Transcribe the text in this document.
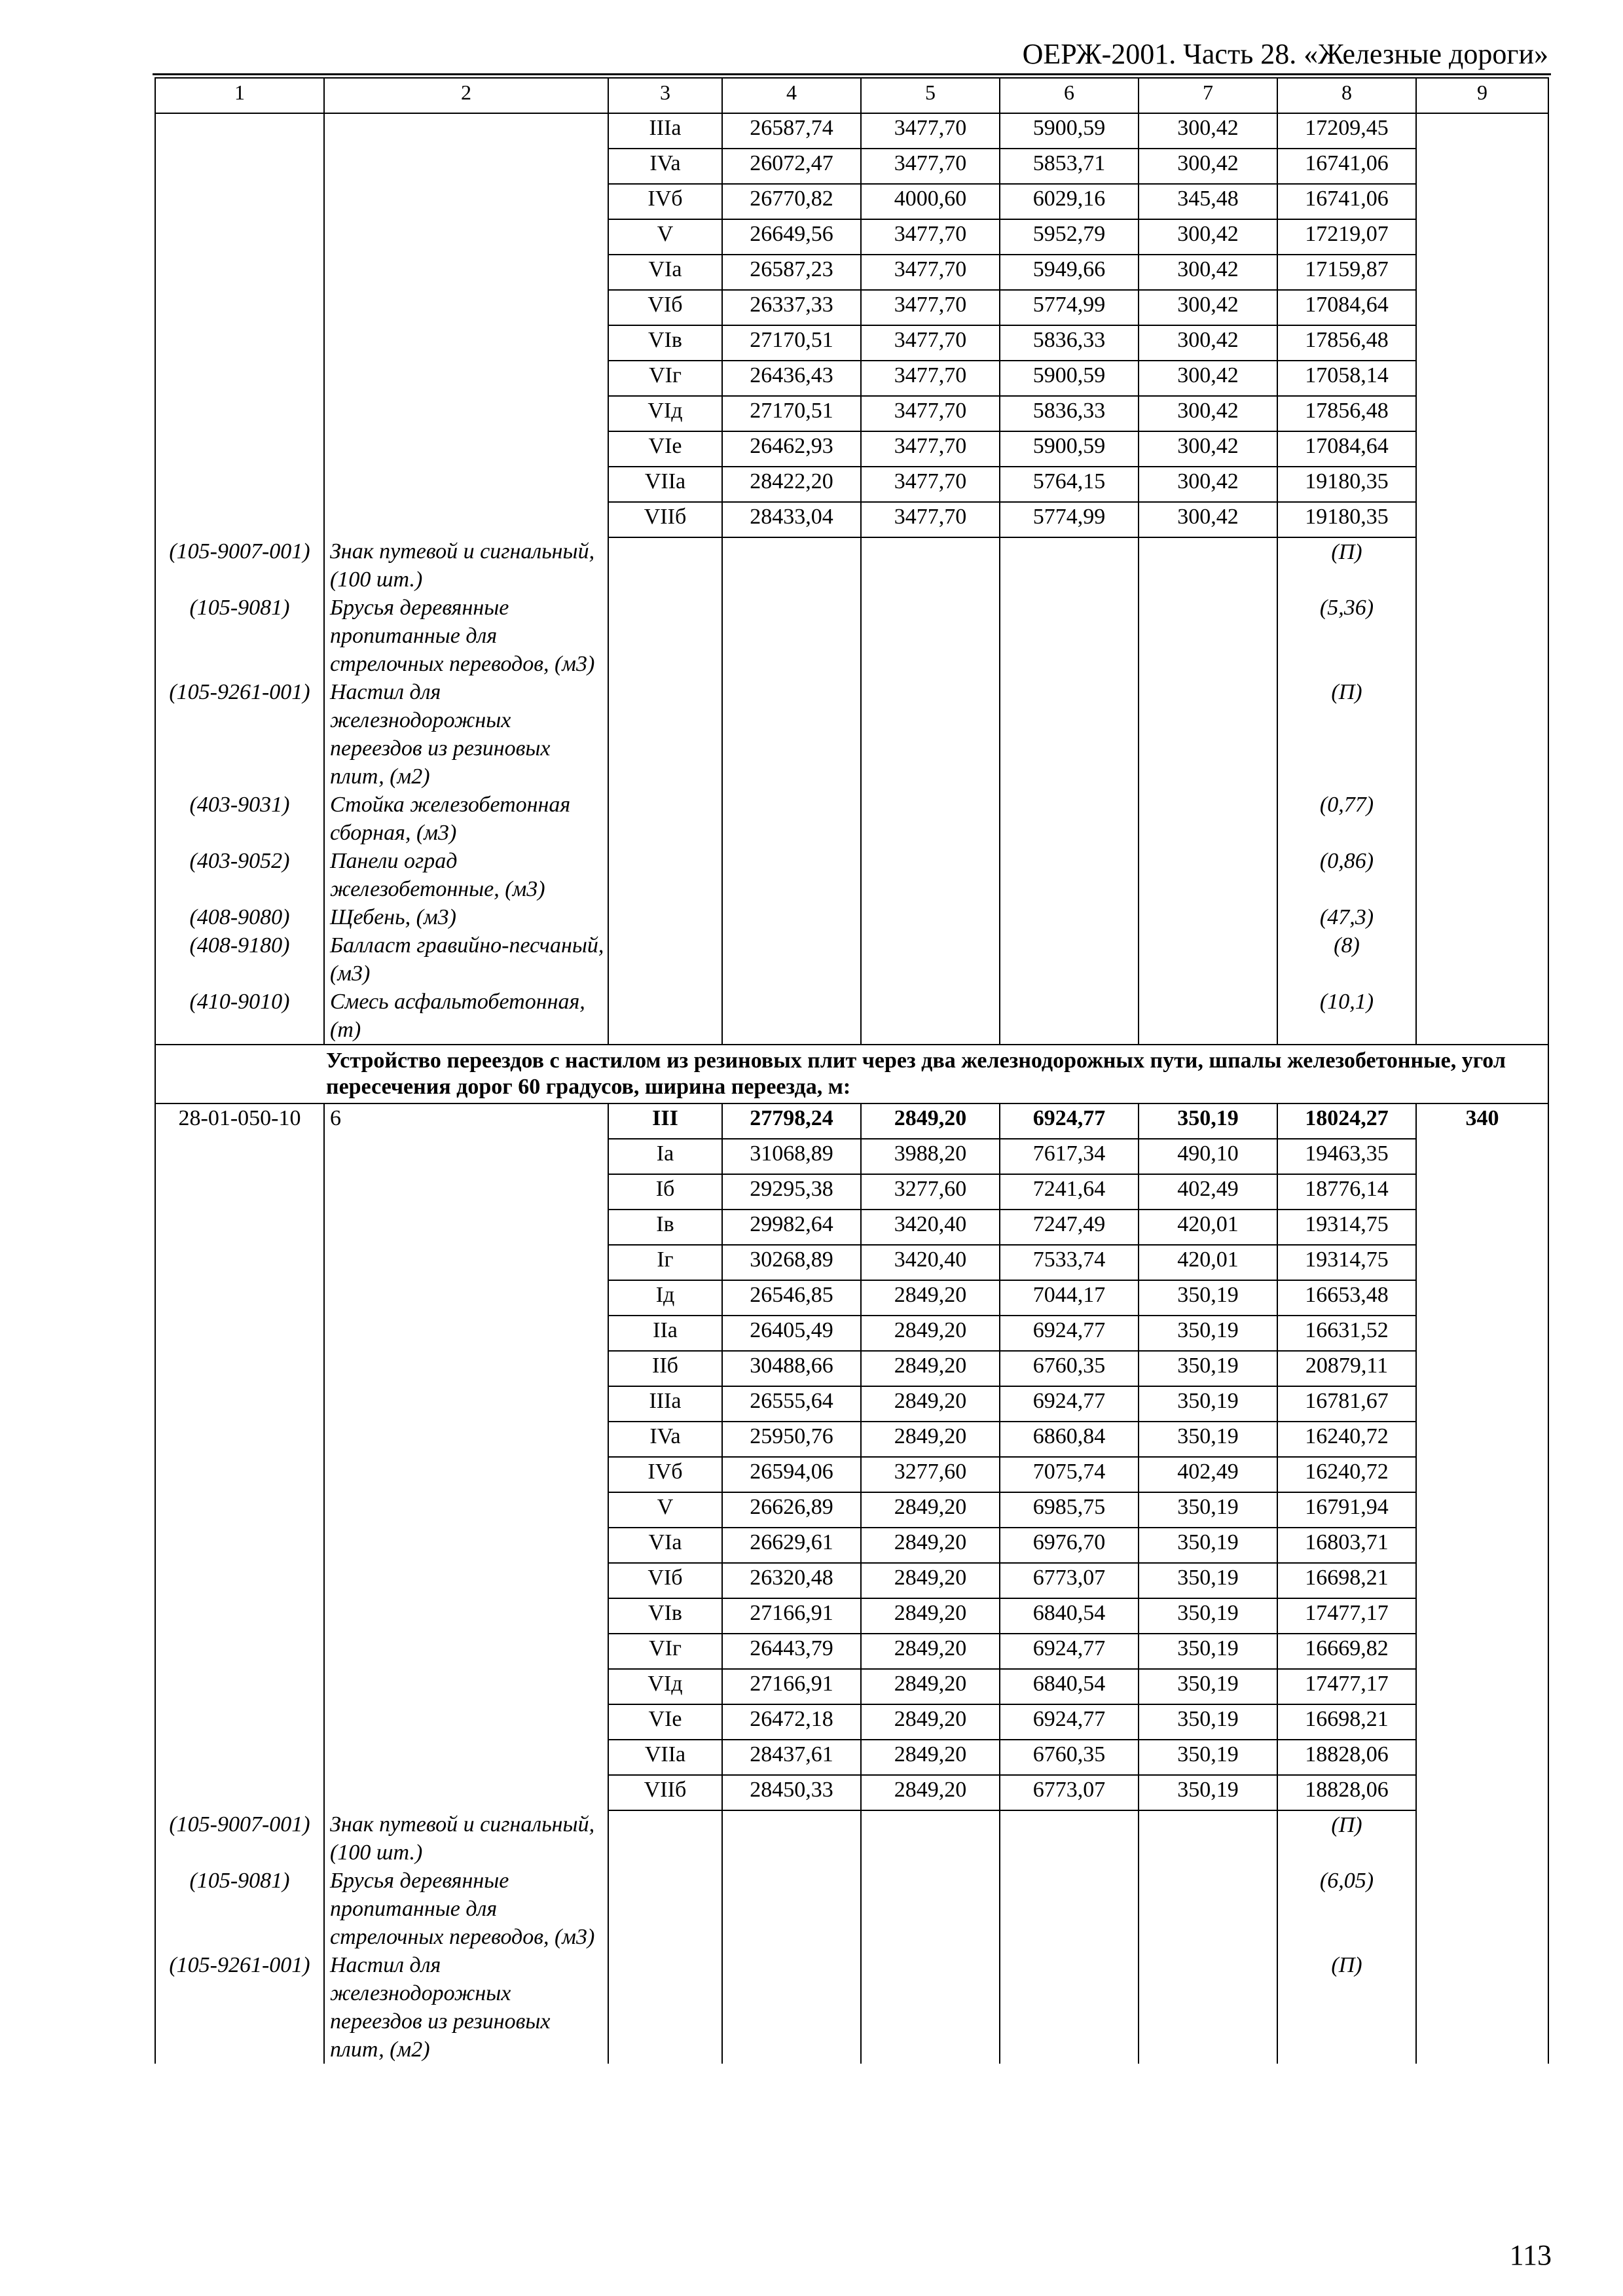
ОЕРЖ-2001. Часть 28. «Железные дороги»
1	2	3	4	5	6	7	8	9
		IIIa	26587,74	3477,70	5900,59	300,42	17209,45	
		IVa	26072,47	3477,70	5853,71	300,42	16741,06	
		IVб	26770,82	4000,60	6029,16	345,48	16741,06	
		V	26649,56	3477,70	5952,79	300,42	17219,07	
		VIa	26587,23	3477,70	5949,66	300,42	17159,87	
		VIб	26337,33	3477,70	5774,99	300,42	17084,64	
		VIв	27170,51	3477,70	5836,33	300,42	17856,48	
		VIг	26436,43	3477,70	5900,59	300,42	17058,14	
		VIд	27170,51	3477,70	5836,33	300,42	17856,48	
		VIe	26462,93	3477,70	5900,59	300,42	17084,64	
		VIIa	28422,20	3477,70	5764,15	300,42	19180,35	
		VIIб	28433,04	3477,70	5774,99	300,42	19180,35	
(105-9007-001)	Знак путевой и сигнальный, (100 шт.)						(П)	
(105-9081)	Брусья деревянные пропитанные для стрелочных переводов, (м3)						(5,36)	
(105-9261-001)	Настил для железнодорожных переездов из резиновых плит, (м2)						(П)	
(403-9031)	Стойка железобетонная сборная, (м3)						(0,77)	
(403-9052)	Панели оград железобетонные, (м3)						(0,86)	
(408-9080)	Щебень, (м3)						(47,3)	
(408-9180)	Балласт гравийно-песчаный, (м3)						(8)	
(410-9010)	Смесь асфальтобетонная, (т)						(10,1)	
Устройство переездов с настилом из резиновых плит через два железнодорожных пути, шпалы железобетонные, угол пересечения дорог 60 градусов, ширина переезда, м:								
28-01-050-10	6	III	27798,24	2849,20	6924,77	350,19	18024,27	340
		Ia	31068,89	3988,20	7617,34	490,10	19463,35	
		Iб	29295,38	3277,60	7241,64	402,49	18776,14	
		Iв	29982,64	3420,40	7247,49	420,01	19314,75	
		Iг	30268,89	3420,40	7533,74	420,01	19314,75	
		Iд	26546,85	2849,20	7044,17	350,19	16653,48	
		IIa	26405,49	2849,20	6924,77	350,19	16631,52	
		IIб	30488,66	2849,20	6760,35	350,19	20879,11	
		IIIa	26555,64	2849,20	6924,77	350,19	16781,67	
		IVa	25950,76	2849,20	6860,84	350,19	16240,72	
		IVб	26594,06	3277,60	7075,74	402,49	16240,72	
		V	26626,89	2849,20	6985,75	350,19	16791,94	
		VIa	26629,61	2849,20	6976,70	350,19	16803,71	
		VIб	26320,48	2849,20	6773,07	350,19	16698,21	
		VIв	27166,91	2849,20	6840,54	350,19	17477,17	
		VIг	26443,79	2849,20	6924,77	350,19	16669,82	
		VIд	27166,91	2849,20	6840,54	350,19	17477,17	
		VIe	26472,18	2849,20	6924,77	350,19	16698,21	
		VIIa	28437,61	2849,20	6760,35	350,19	18828,06	
		VIIб	28450,33	2849,20	6773,07	350,19	18828,06	
(105-9007-001)	Знак путевой и сигнальный, (100 шт.)						(П)	
(105-9081)	Брусья деревянные пропитанные для стрелочных переводов, (м3)						(6,05)	
(105-9261-001)	Настил для железнодорожных переездов из резиновых плит, (м2)						(П)	
113
